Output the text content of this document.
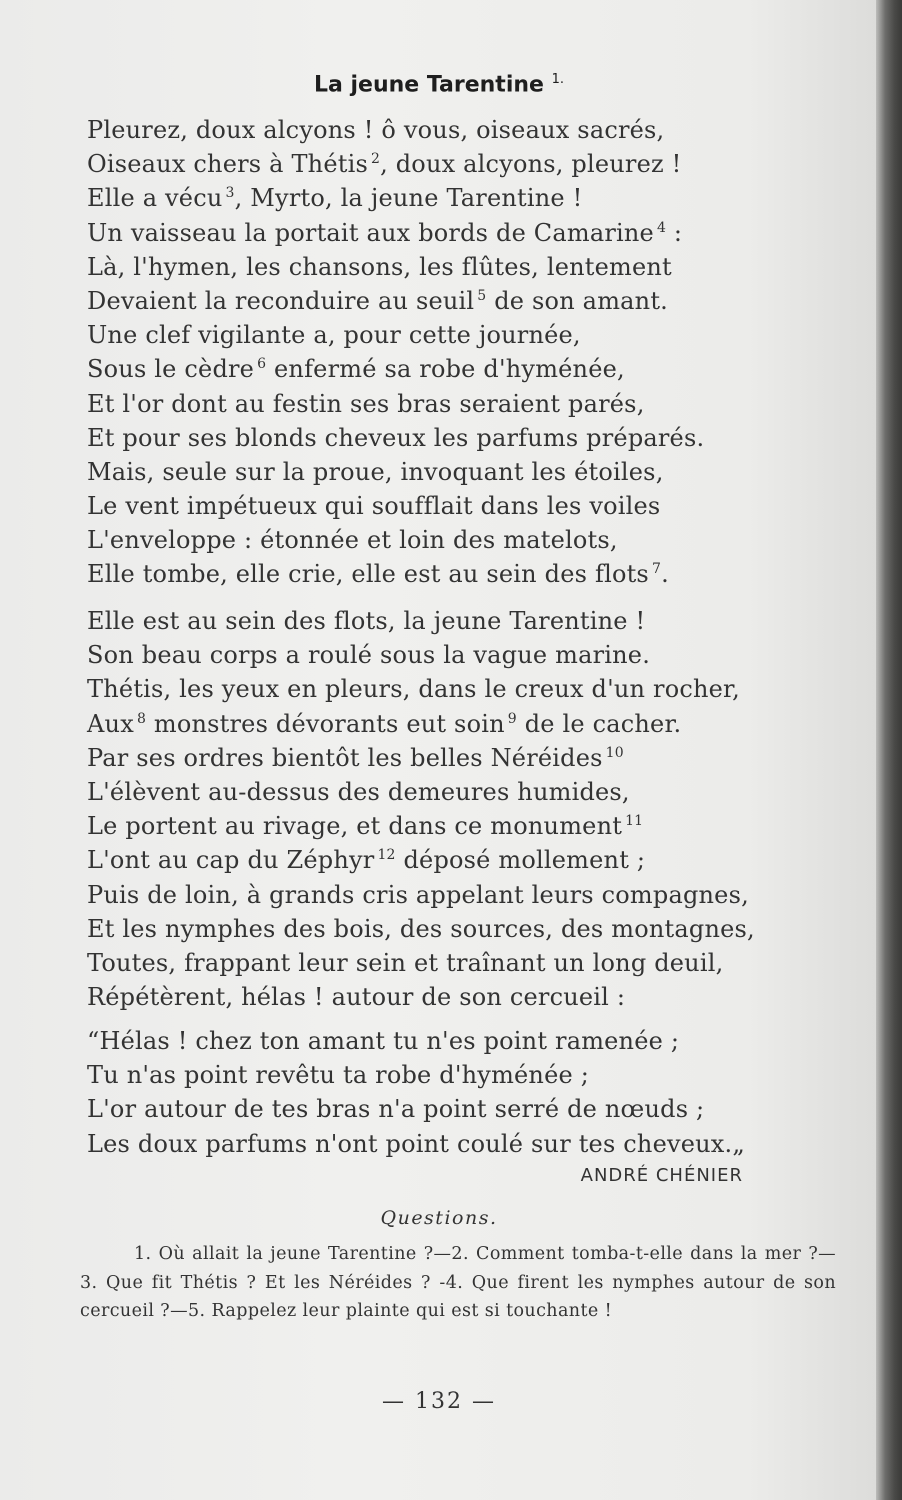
La jeune Tarentine $^{1.}$
Pleurez, doux alcyons ! ô vous, oiseaux sacrés,
Oiseaux chers à Thétis $^2$, doux alcyons, pleurez !
Elle a vécu $^3$, Myrto, la jeune Tarentine !
Un vaisseau la portait aux bords de Camarine $^4$ :
Là, l'hymen, les chansons, les flûtes, lentement
Devaient la reconduire au seuil $^5$ de son amant.
Une clef vigilante a, pour cette journée,
Sous le cèdre $^6$ enfermé sa robe d'hyménée,
Et l'or dont au festin ses bras seraient parés,
Et pour ses blonds cheveux les parfums préparés.
Mais, seule sur la proue, invoquant les étoiles,
Le vent impétueux qui soufflait dans les voiles
L'enveloppe : étonnée et loin des matelots,
Elle tombe, elle crie, elle est au sein des flots $^7$.
Elle est au sein des flots, la jeune Tarentine !
Son beau corps a roulé sous la vague marine.
Thétis, les yeux en pleurs, dans le creux d'un rocher,
Aux $^8$ monstres dévorants eut soin $^9$ de le cacher.
Par ses ordres bientôt les belles Néréides $^{10}$
L'élèvent au-dessus des demeures humides,
Le portent au rivage, et dans ce monument $^{11}$
L'ont au cap du Zéphyr $^{12}$ déposé mollement ;
Puis de loin, à grands cris appelant leurs compagnes,
Et les nymphes des bois, des sources, des montagnes,
Toutes, frappant leur sein et traînant un long deuil,
Répétèrent, hélas ! autour de son cercueil :
“Hélas ! chez ton amant tu n'es point ramenée ;
Tu n'as point revêtu ta robe d'hyménée ;
L'or autour de tes bras n'a point serré de nœuds ;
Les doux parfums n'ont point coulé sur tes cheveux.„
ANDRÉ CHÉNIER
Questions.
1. Où allait la jeune Tarentine ?—2. Comment tomba-t-elle dans la mer ?—3. Que fit Thétis ? Et les Néréides ? -4. Que firent les nymphes autour de son cercueil ?—5. Rappelez leur plainte qui est si touchante !
— 132 —
